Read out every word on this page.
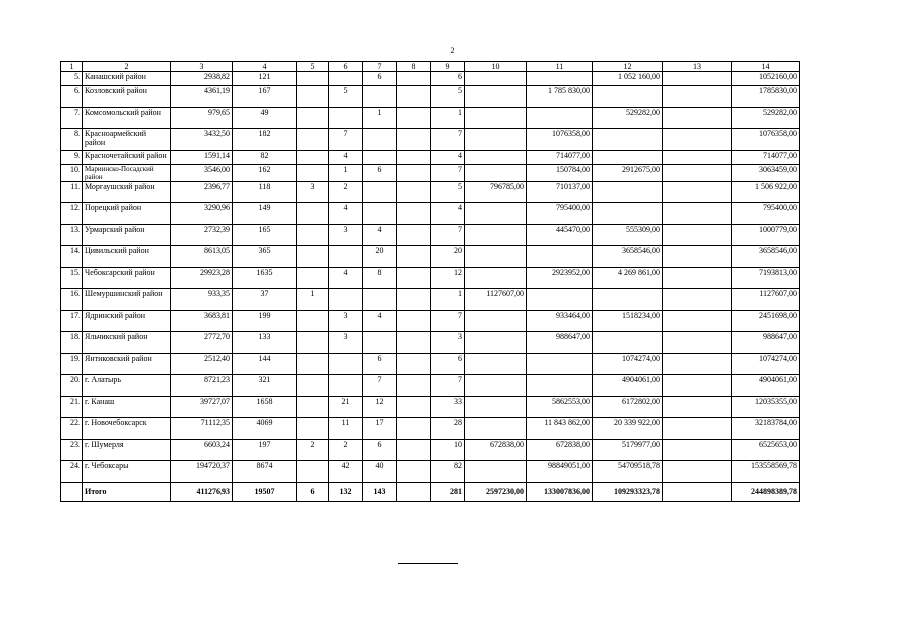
2
1	2	3	4	5	6	7	8	9	10	11	12	13	14
5.	Канашский район	2938,82	121			6		6			1 052 160,00		1052160,00
6.	Козловский район	4361,19	167		5			5		1 785 830,00			1785830,00
7.	Комсомольский район	979,65	49			1		1			529282,00		529282,00
8.	Красноармейский район	3432,50	182		7			7		1076358,00			1076358,00
9.	Красночетайский район	1591,14	82		4			4		714077,00			714077,00
10.	Мариинско-Посадский район	3546,00	162		1	6		7		150784,00	2912675,00		3063459,00
11.	Моргаушский район	2396,77	118	3	2			5	796785,00	710137,00			1 506 922,00
12.	Порецкий район	3290,96	149		4			4		795400,00			795400,00
13.	Урмарский район	2732,39	165		3	4		7		445470,00	555309,00		1000779,00
14.	Цивильский район	8613,05	365			20		20			3658546,00		3658546,00
15.	Чебоксарский район	29923,28	1635		4	8		12		2923952,00	4 269 861,00		7193813,00
16.	Шемуршинский район	933,35	37	1				1	1127607,00				1127607,00
17.	Ядринский район	3683,81	199		3	4		7		933464,00	1518234,00		2451698,00
18.	Яльчикский район	2772,70	133		3			3		988647,00			988647,00
19.	Янтиковский район	2512,40	144			6		6			1074274,00		1074274,00
20.	г. Алатырь	8721,23	321			7		7			4904061,00		4904061,00
21.	г. Канаш	39727,07	1658		21	12		33		5862553,00	6172802,00		12035355,00
22.	г. Новочебоксарск	71112,35	4069		11	17		28		11 843 862,00	20 339 922,00		32183784,00
23.	г. Шумерля	6603,24	197	2	2	6		10	672838,00	672838,00	5179977,00		6525653,00
24.	г. Чебоксары	194720,37	8674		42	40		82		98849051,00	54709518,78		153558569,78
	Итого	411276,93	19507	6	132	143		281	2597230,00	133007836,00	109293323,78		244898389,78
